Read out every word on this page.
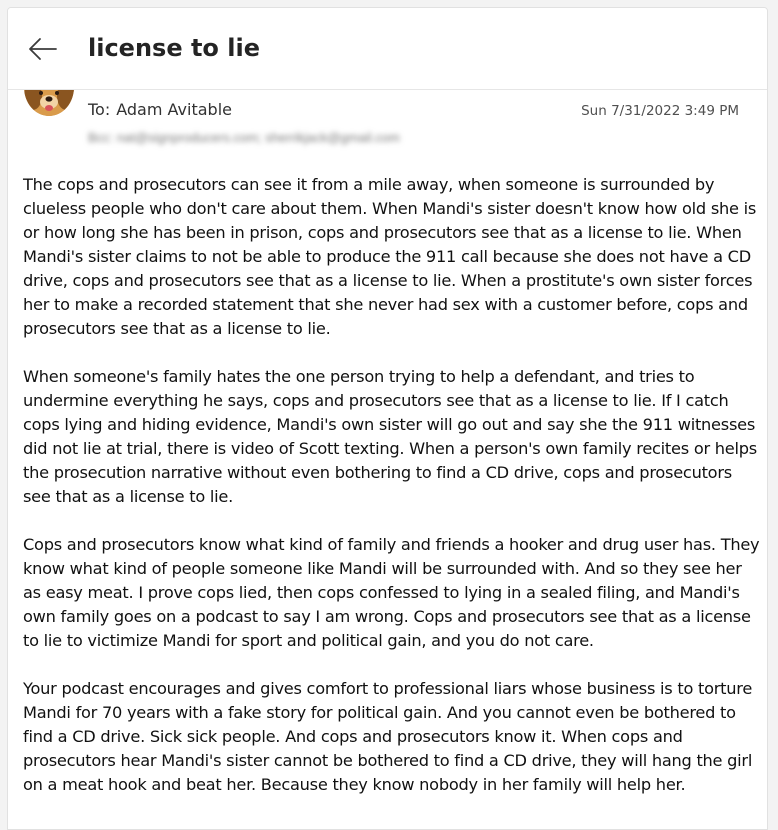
license to lie
To: Adam Avitable	Sun 7/31/2022 3:49 PM
Bcc: nat@signproducers.com; sherrikjack@gmail.com

The cops and prosecutors can see it from a mile away, when someone is surrounded by clueless people who don't care about them. When Mandi's sister doesn't know how old she is or how long she has been in prison, cops and prosecutors see that as a license to lie. When Mandi's sister claims to not be able to produce the 911 call because she does not have a CD drive, cops and prosecutors see that as a license to lie. When a prostitute's own sister forces her to make a recorded statement that she never had sex with a customer before, cops and prosecutors see that as a license to lie.

When someone's family hates the one person trying to help a defendant, and tries to undermine everything he says, cops and prosecutors see that as a license to lie. If I catch cops lying and hiding evidence, Mandi's own sister will go out and say she the 911 witnesses did not lie at trial, there is video of Scott texting. When a person's own family recites or helps the prosecution narrative without even bothering to find a CD drive, cops and prosecutors see that as a license to lie.

Cops and prosecutors know what kind of family and friends a hooker and drug user has. They know what kind of people someone like Mandi will be surrounded with. And so they see her as easy meat. I prove cops lied, then cops confessed to lying in a sealed filing, and Mandi's own family goes on a podcast to say I am wrong. Cops and prosecutors see that as a license to lie to victimize Mandi for sport and political gain, and you do not care.

Your podcast encourages and gives comfort to professional liars whose business is to torture Mandi for 70 years with a fake story for political gain. And you cannot even be bothered to find a CD drive. Sick sick people. And cops and prosecutors know it. When cops and prosecutors hear Mandi's sister cannot be bothered to find a CD drive, they will hang the girl on a meat hook and beat her. Because they know nobody in her family will help her.
